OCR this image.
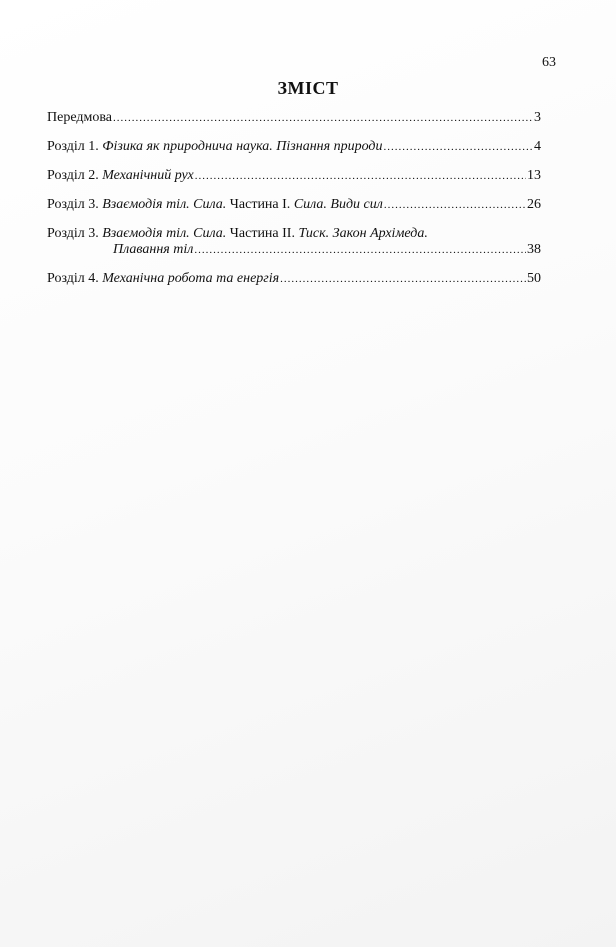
63
ЗМІСТ
Передмова .....	3
Розділ 1. Фізика як природнича наука. Пізнання природи .....	4
Розділ 2. Механічний рух .....	13
Розділ 3. Взаємодія тіл. Сила. Частина І. Сила. Види сил .....	26
Розділ 3. Взаємодія тіл. Сила. Частина ІІ. Тиск. Закон Архімеда.
Плавання тіл .....	38
Розділ 4. Механічна робота та енергія .....	50
